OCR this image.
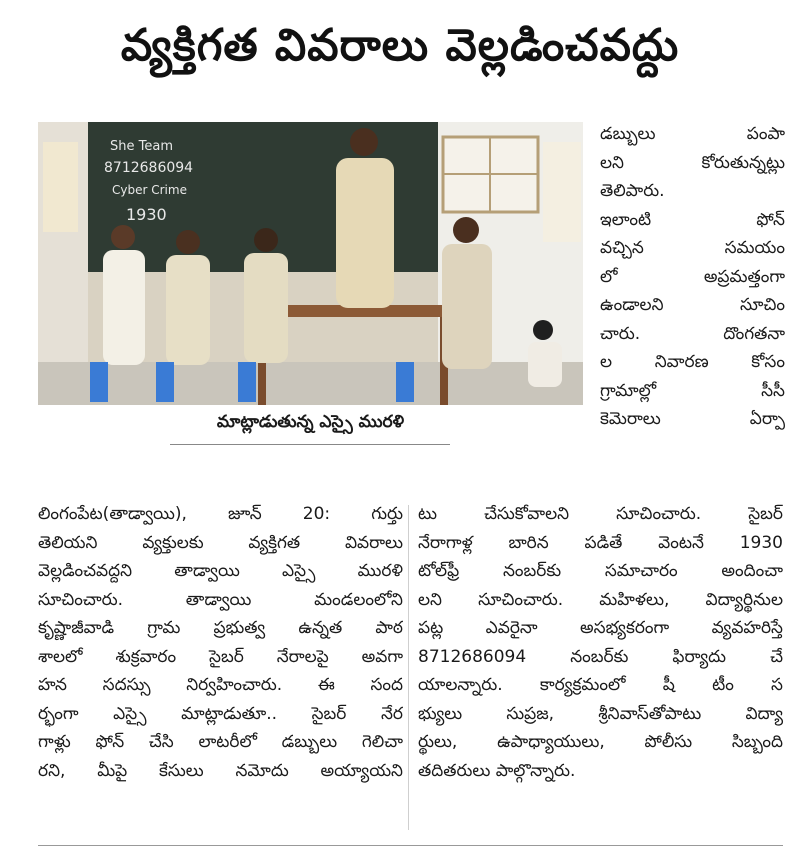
వ్యక్తిగత వివరాలు వెల్లడించవద్దు
She Team
8712686094
Cyber Crime
1930
మాట్లాడుతున్న ఎస్సై మురళి
డబ్బులు పంపా
లని కోరుతున్నట్లు
తెలిపారు.
ఇలాంటి ఫోన్
వచ్చిన సమయం
లో అప్రమత్తంగా
ఉండాలని సూచిం
చారు. దొంగతనా
ల నివారణ కోసం
గ్రామాల్లో సీసీ
కెమెరాలు ఏర్పా
లింగంపేట(తాడ్వాయి), జూన్ 20: గుర్తు
తెలియని వ్యక్తులకు వ్యక్తిగత వివరాలు
వెల్లడించవద్దని తాడ్వాయి ఎస్సై మురళి
సూచించారు. తాడ్వాయి మండలంలోని
కృష్ణాజీవాడి గ్రామ ప్రభుత్వ ఉన్నత పాఠ
శాలలో శుక్రవారం సైబర్ నేరాలపై అవగా
హన సదస్సు నిర్వహించారు. ఈ సంద
ర్భంగా ఎస్సై మాట్లాడుతూ.. సైబర్ నేర
గాళ్లు ఫోన్ చేసి లాటరీలో డబ్బులు గెలిచా
రని, మీపై కేసులు నమోదు అయ్యాయని
టు చేసుకోవాలని సూచించారు. సైబర్
నేరాగాళ్ల బారిన పడితే వెంటనే 1930
టోల్‌ఫ్రీ నంబర్‌కు సమాచారం అందించా
లని సూచించారు. మహిళలు, విద్యార్థినుల
పట్ల ఎవరైనా అసభ్యకరంగా వ్యవహరిస్తే
8712686094 నంబర్‌కు ఫిర్యాదు చే
యాలన్నారు. కార్యక్రమంలో షీ టీం స
భ్యులు సుప్రజ, శ్రీనివాస్‌తోపాటు విద్యా
ర్థులు, ఉపాధ్యాయులు, పోలీసు సిబ్బంది
తదితరులు పాల్గొన్నారు.
